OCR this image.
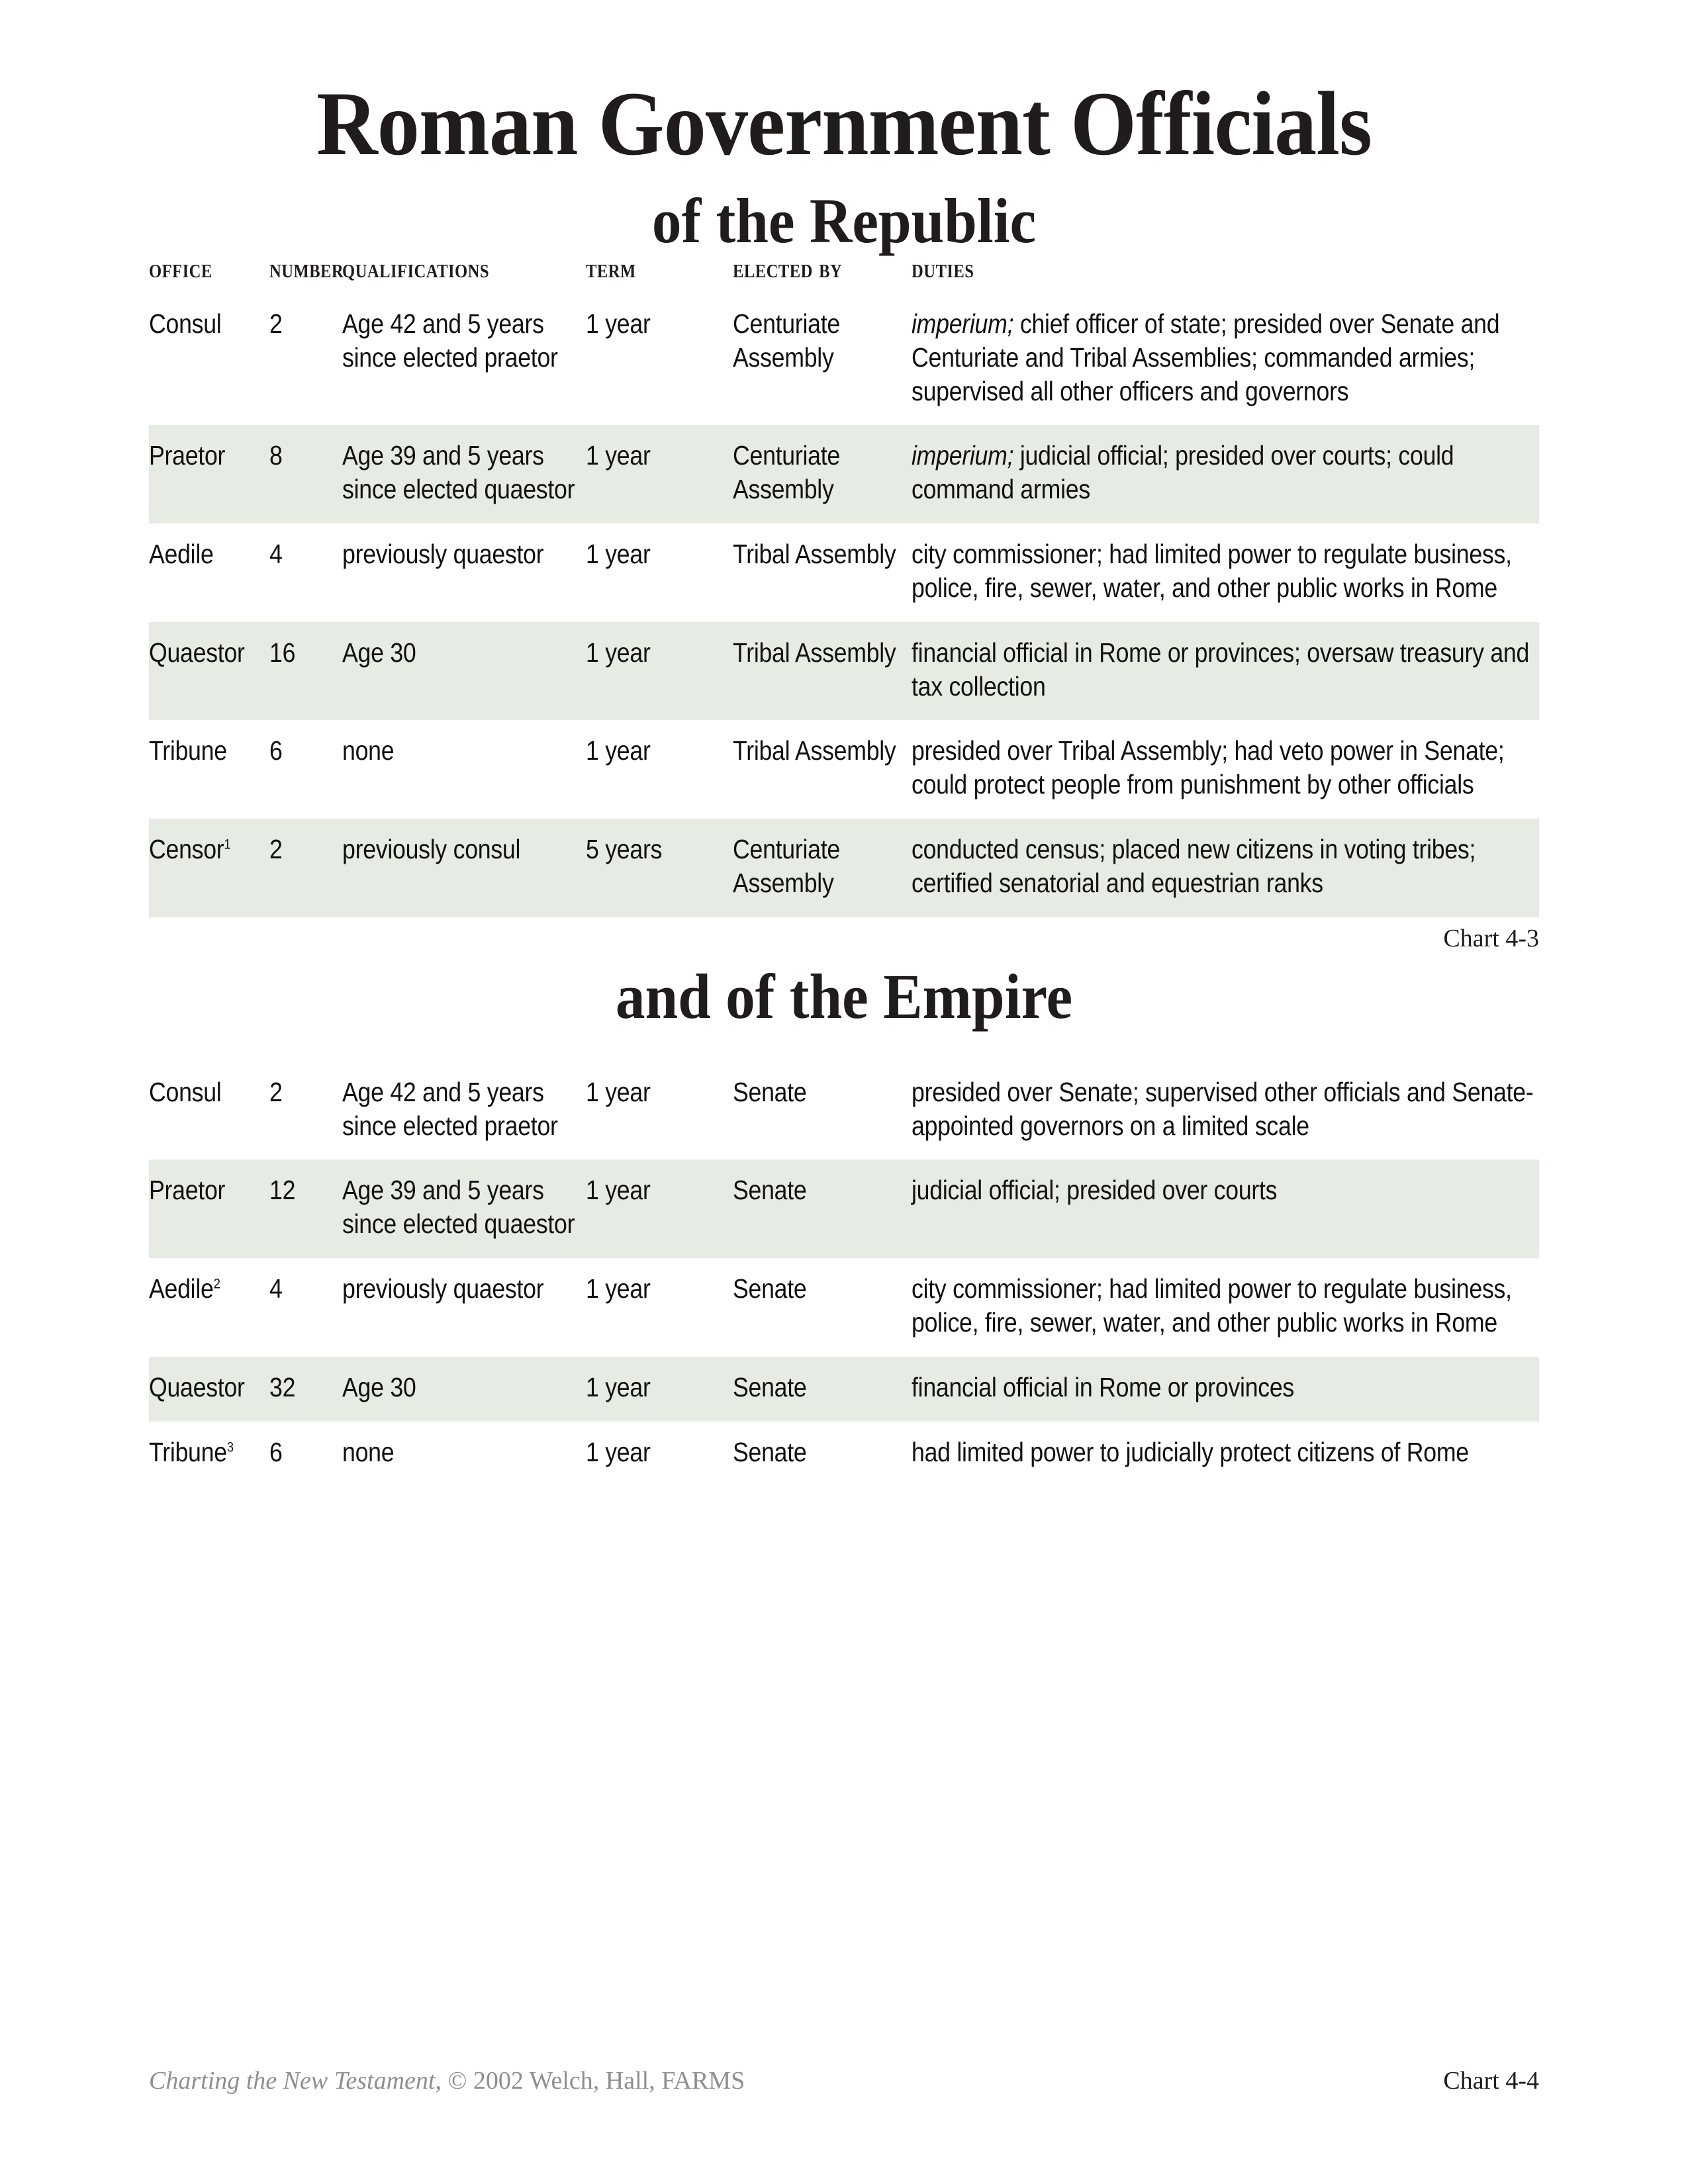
Roman Government Officials
of the Republic
office	number	qualifications	term	elected by	duties

Consul	2	Age 42 and 5 years since elected praetor	1 year	Centuriate Assembly	imperium; chief officer of state; presided over Senate and Centuriate and Tribal Assemblies; commanded armies; supervised all other officers and governors

Praetor	8	Age 39 and 5 years since elected quaestor	1 year	Centuriate Assembly	imperium; judicial official; presided over courts; could command armies

Aedile	4	previously quaestor	1 year	Tribal Assembly	city commissioner; had limited power to regulate business, police, fire, sewer, water, and other public works in Rome

Quaestor	16	Age 30	1 year	Tribal Assembly	financial official in Rome or provinces; oversaw treasury and tax collection

Tribune	6	none	1 year	Tribal Assembly	presided over Tribal Assembly; had veto power in Senate; could protect people from punishment by other officials

Censor$^1$	2	previously consul	5 years	Centuriate Assembly	conducted census; placed new citizens in voting tribes; certified senatorial and equestrian ranks
Chart 4-3
and of the Empire
Consul	2	Age 42 and 5 years since elected praetor	1 year	Senate	presided over Senate; supervised other officials and Senate-appointed governors on a limited scale

Praetor	12	Age 39 and 5 years since elected quaestor	1 year	Senate	judicial official; presided over courts

Aedile$^2$	4	previously quaestor	1 year	Senate	city commissioner; had limited power to regulate business, police, fire, sewer, water, and other public works in Rome

Quaestor	32	Age 30	1 year	Senate	financial official in Rome or provinces

Tribune$^3$	6	none	1 year	Senate	had limited power to judicially protect citizens of Rome
Charting the New Testament, © 2002 Welch, Hall, FARMS	Chart 4-4
